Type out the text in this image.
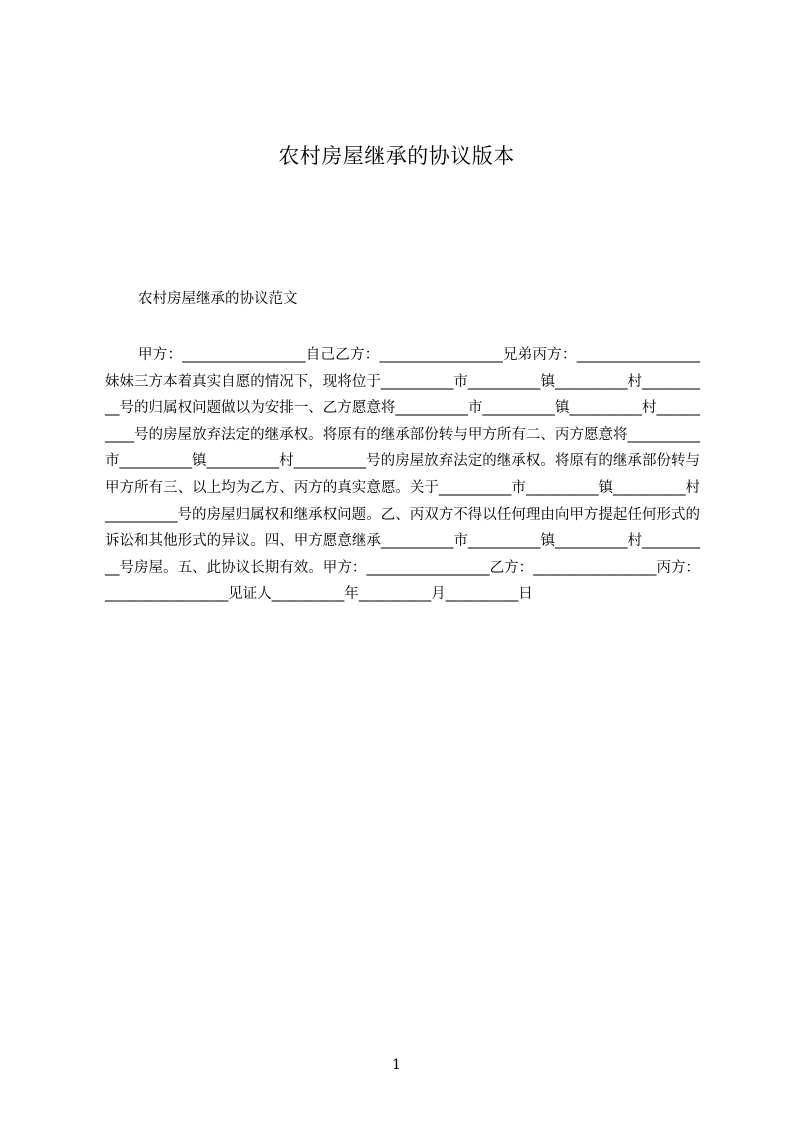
农村房屋继承的协议版本

农村房屋继承的协议范文

甲方：_________________自己乙方：_________________兄弟丙方：_________________妹妹三方本着真实自愿的情况下，现将位于__________市__________镇__________村__________号的归属权问题做以为安排一、乙方愿意将__________市__________镇__________村__________号的房屋放弃法定的继承权。将原有的继承部份转与甲方所有二、丙方愿意将__________市__________镇__________村__________号的房屋放弃法定的继承权。将原有的继承部份转与甲方所有三、以上均为乙方、丙方的真实意愿。关于__________市__________镇__________村__________号的房屋归属权和继承权问题。乙、丙双方不得以任何理由向甲方提起任何形式的诉讼和其他形式的异议。四、甲方愿意继承__________市__________镇__________村__________号房屋。五、此协议长期有效。甲方：_________________乙方：_________________丙方：_________________见证人__________年__________月__________日

1
